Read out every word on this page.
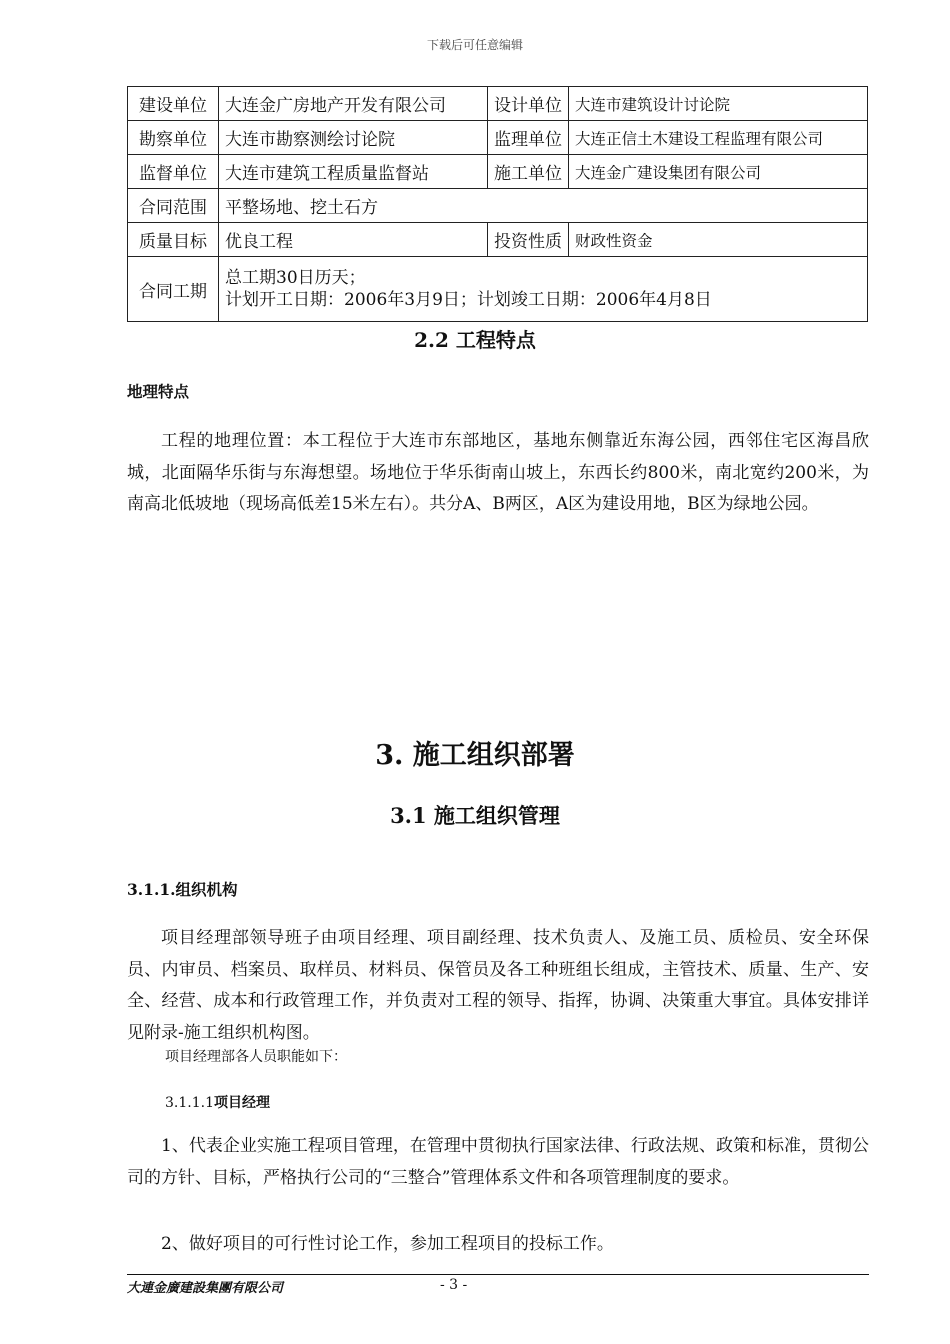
下载后可任意编辑
建设单位	大连金广房地产开发有限公司	设计单位	大连市建筑设计讨论院
勘察单位	大连市勘察测绘讨论院	监理单位	大连正信土木建设工程监理有限公司
监督单位	大连市建筑工程质量监督站	施工单位	大连金广建设集团有限公司
合同范围	平整场地、挖土石方		
质量目标	优良工程	投资性质	财政性资金
合同工期	总工期30日历天；
计划开工日期：2006年3月9日；计划竣工日期：2006年4月8日		
2.2 工程特点
地理特点
工程的地理位置：本工程位于大连市东部地区，基地东侧靠近东海公园，西邻住宅区海昌欣城，北面隔华乐街与东海想望。场地位于华乐街南山坡上，东西长约800米，南北宽约200米，为南高北低坡地（现场高低差15米左右）。共分A、B两区，A区为建设用地，B区为绿地公园。
3. 施工组织部署
3.1 施工组织管理
3.1.1.组织机构
项目经理部领导班子由项目经理、项目副经理、技术负责人、及施工员、质检员、安全环保员、内审员、档案员、取样员、材料员、保管员及各工种班组长组成，主管技术、质量、生产、安全、经营、成本和行政管理工作，并负责对工程的领导、指挥，协调、决策重大事宜。具体安排详见附录-施工组织机构图。
项目经理部各人员职能如下：
3.1.1.1项目经理
1、代表企业实施工程项目管理，在管理中贯彻执行国家法律、行政法规、政策和标准，贯彻公司的方针、目标，严格执行公司的“三整合”管理体系文件和各项管理制度的要求。
2、做好项目的可行性讨论工作，参加工程项目的投标工作。
大連金廣建設集團有限公司	- 3 -
